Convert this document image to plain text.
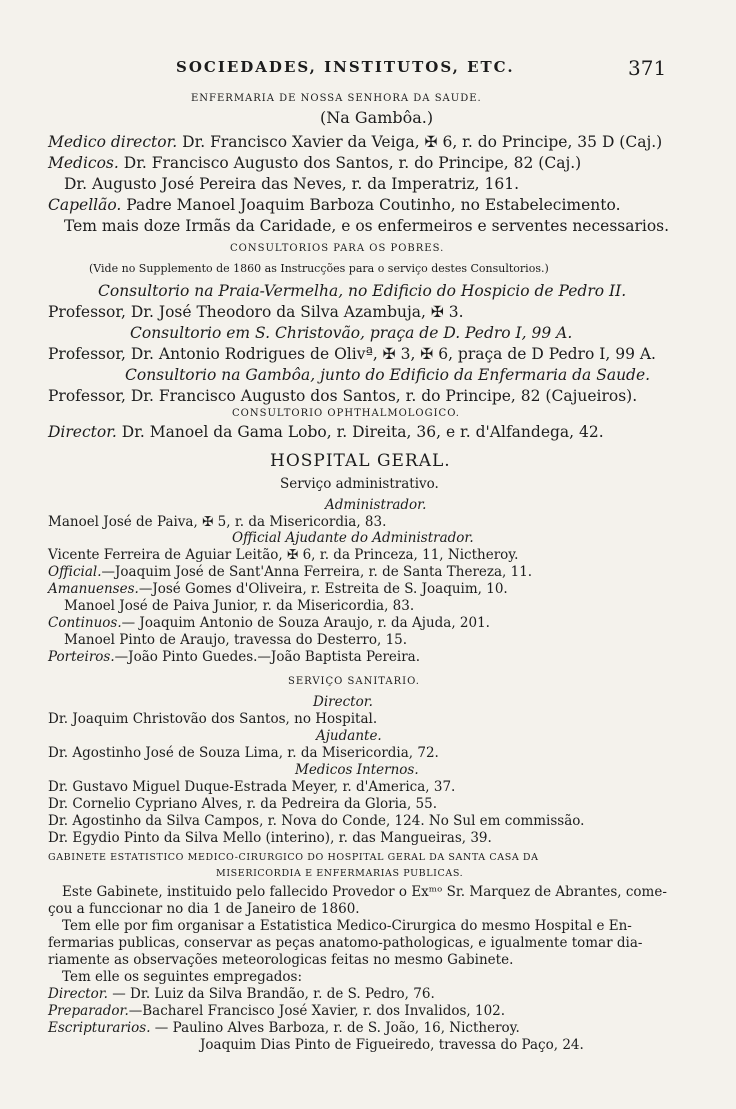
SOCIEDADES, INSTITUTOS, ETC.	371
ENFERMARIA DE NOSSA SENHORA DA SAUDE.
(Na Gambôa.)
Medico director. Dr. Francisco Xavier da Veiga, ✠ 6, r. do Principe, 35 D (Caj.)
Medicos. Dr. Francisco Augusto dos Santos, r. do Principe, 82 (Caj.)
Dr. Augusto José Pereira das Neves, r. da Imperatriz, 161.
Capellão. Padre Manoel Joaquim Barboza Coutinho, no Estabelecimento.
Tem mais doze Irmãs da Caridade, e os enfermeiros e serventes necessarios.
CONSULTORIOS PARA OS POBRES.
(Vide no Supplemento de 1860 as Instrucções para o serviço destes Consultorios.)
Consultorio na Praia-Vermelha, no Edificio do Hospicio de Pedro II.
Professor, Dr. José Theodoro da Silva Azambuja, ✠ 3.
Consultorio em S. Christovão, praça de D. Pedro I, 99 A.
Professor, Dr. Antonio Rodrigues de Olivª, ✠ 3, ✠ 6, praça de D Pedro I, 99 A.
Consultorio na Gambôa, junto do Edificio da Enfermaria da Saude.
Professor, Dr. Francisco Augusto dos Santos, r. do Principe, 82 (Cajueiros).
CONSULTORIO OPHTHALMOLOGICO.
Director. Dr. Manoel da Gama Lobo, r. Direita, 36, e r. d'Alfandega, 42.
HOSPITAL GERAL.
Serviço administrativo.
Administrador.
Manoel José de Paiva, ✠ 5, r. da Misericordia, 83.
Official Ajudante do Administrador.
Vicente Ferreira de Aguiar Leitão, ✠ 6, r. da Princeza, 11, Nictheroy.
Official.—Joaquim José de Sant'Anna Ferreira, r. de Santa Thereza, 11.
Amanuenses.—José Gomes d'Oliveira, r. Estreita de S. Joaquim, 10.
Manoel José de Paiva Junior, r. da Misericordia, 83.
Continuos.— Joaquim Antonio de Souza Araujo, r. da Ajuda, 201.
Manoel Pinto de Araujo, travessa do Desterro, 15.
Porteiros.—João Pinto Guedes.—João Baptista Pereira.
SERVIÇO SANITARIO.
Director.
Dr. Joaquim Christovão dos Santos, no Hospital.
Ajudante.
Dr. Agostinho José de Souza Lima, r. da Misericordia, 72.
Medicos Internos.
Dr. Gustavo Miguel Duque-Estrada Meyer, r. d'America, 37.
Dr. Cornelio Cypriano Alves, r. da Pedreira da Gloria, 55.
Dr. Agostinho da Silva Campos, r. Nova do Conde, 124. No Sul em commissão.
Dr. Egydio Pinto da Silva Mello (interino), r. das Mangueiras, 39.
GABINETE ESTATISTICO MEDICO-CIRURGICO DO HOSPITAL GERAL DA SANTA CASA DA
MISERICORDIA E ENFERMARIAS PUBLICAS.
Este Gabinete, instituido pelo fallecido Provedor o Exᵐᵒ Sr. Marquez de Abrantes, come-
çou a funccionar no dia 1 de Janeiro de 1860.
Tem elle por fim organisar a Estatistica Medico-Cirurgica do mesmo Hospital e En-
fermarias publicas, conservar as peças anatomo-pathologicas, e igualmente tomar dia-
riamente as observações meteorologicas feitas no mesmo Gabinete.
Tem elle os seguintes empregados:
Director. — Dr. Luiz da Silva Brandão, r. de S. Pedro, 76.
Preparador.—Bacharel Francisco José Xavier, r. dos Invalidos, 102.
Escripturarios. — Paulino Alves Barboza, r. de S. João, 16, Nictheroy.
Joaquim Dias Pinto de Figueiredo, travessa do Paço, 24.
